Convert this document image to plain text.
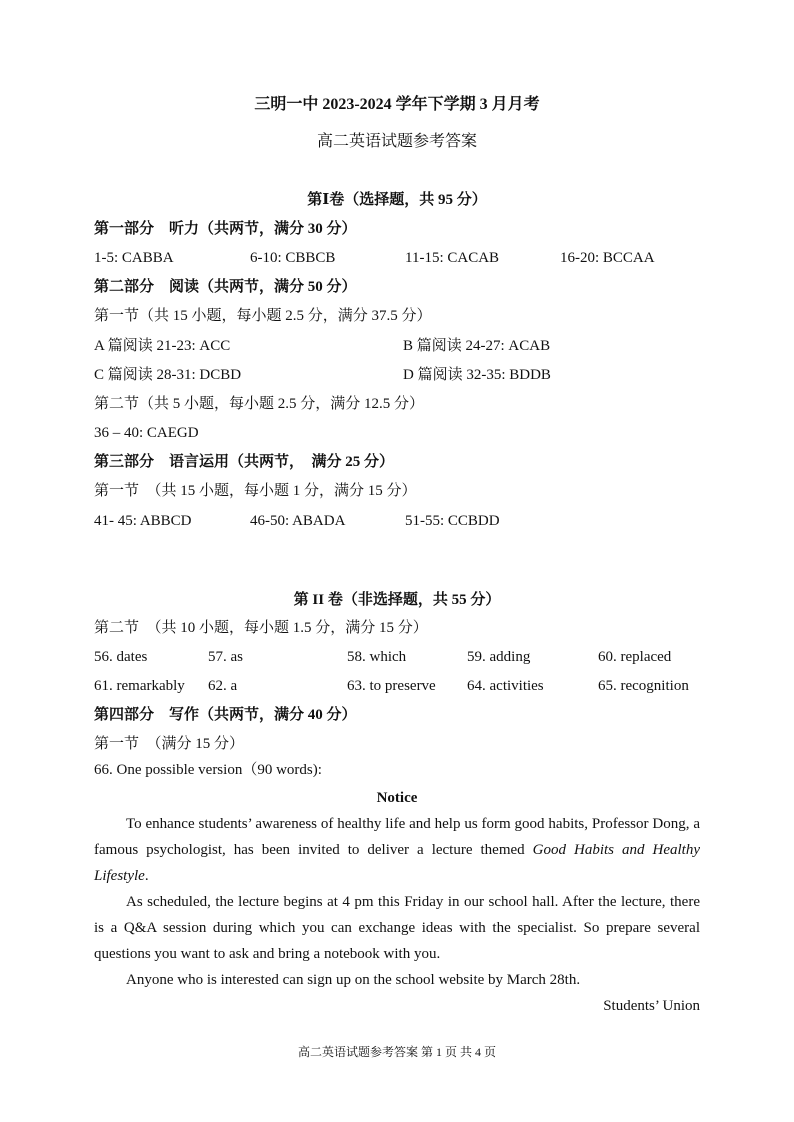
三明一中 2023-2024 学年下学期 3 月月考
高二英语试题参考答案
第Ⅰ卷（选择题，共 95 分）
第一部分　听力（共两节，满分 30 分）
1-5: CABBA	6-10: CBBCB	11-15: CACAB	16-20: BCCAA
第二部分　阅读（共两节，满分 50 分）
第一节（共 15 小题，每小题 2.5 分，满分 37.5 分）
A 篇阅读 21-23: ACC	B 篇阅读 24-27: ACAB
C 篇阅读 28-31: DCBD	D 篇阅读 32-35: BDDB
第二节（共 5 小题，每小题 2.5 分，满分 12.5 分）
36 – 40: CAEGD
第三部分　语言运用（共两节，　满分 25 分）
第一节　（共 15 小题，每小题 1 分，满分 15 分）
41- 45: ABBCD	46-50: ABADA	51-55: CCBDD
第 II 卷（非选择题，共 55 分）
第二节　（共 10 小题，每小题 1.5 分，满分 15 分）
56. dates	57. as	58. which	59. adding	60. replaced
61. remarkably 62. a	63. to preserve 64. activities	65. recognition
第四部分　写作（共两节，满分 40 分）
第一节　（满分 15 分）
66. One possible version（90 words):
Notice
To enhance students’ awareness of healthy life and help us form good habits, Professor Dong, a famous psychologist, has been invited to deliver a lecture themed Good Habits and Healthy Lifestyle.
As scheduled, the lecture begins at 4 pm this Friday in our school hall. After the lecture, there is a Q&A session during which you can exchange ideas with the specialist. So prepare several questions you want to ask and bring a notebook with you.
Anyone who is interested can sign up on the school website by March 28th.
Students’ Union
高二英语试题参考答案 第 1 页 共 4 页
